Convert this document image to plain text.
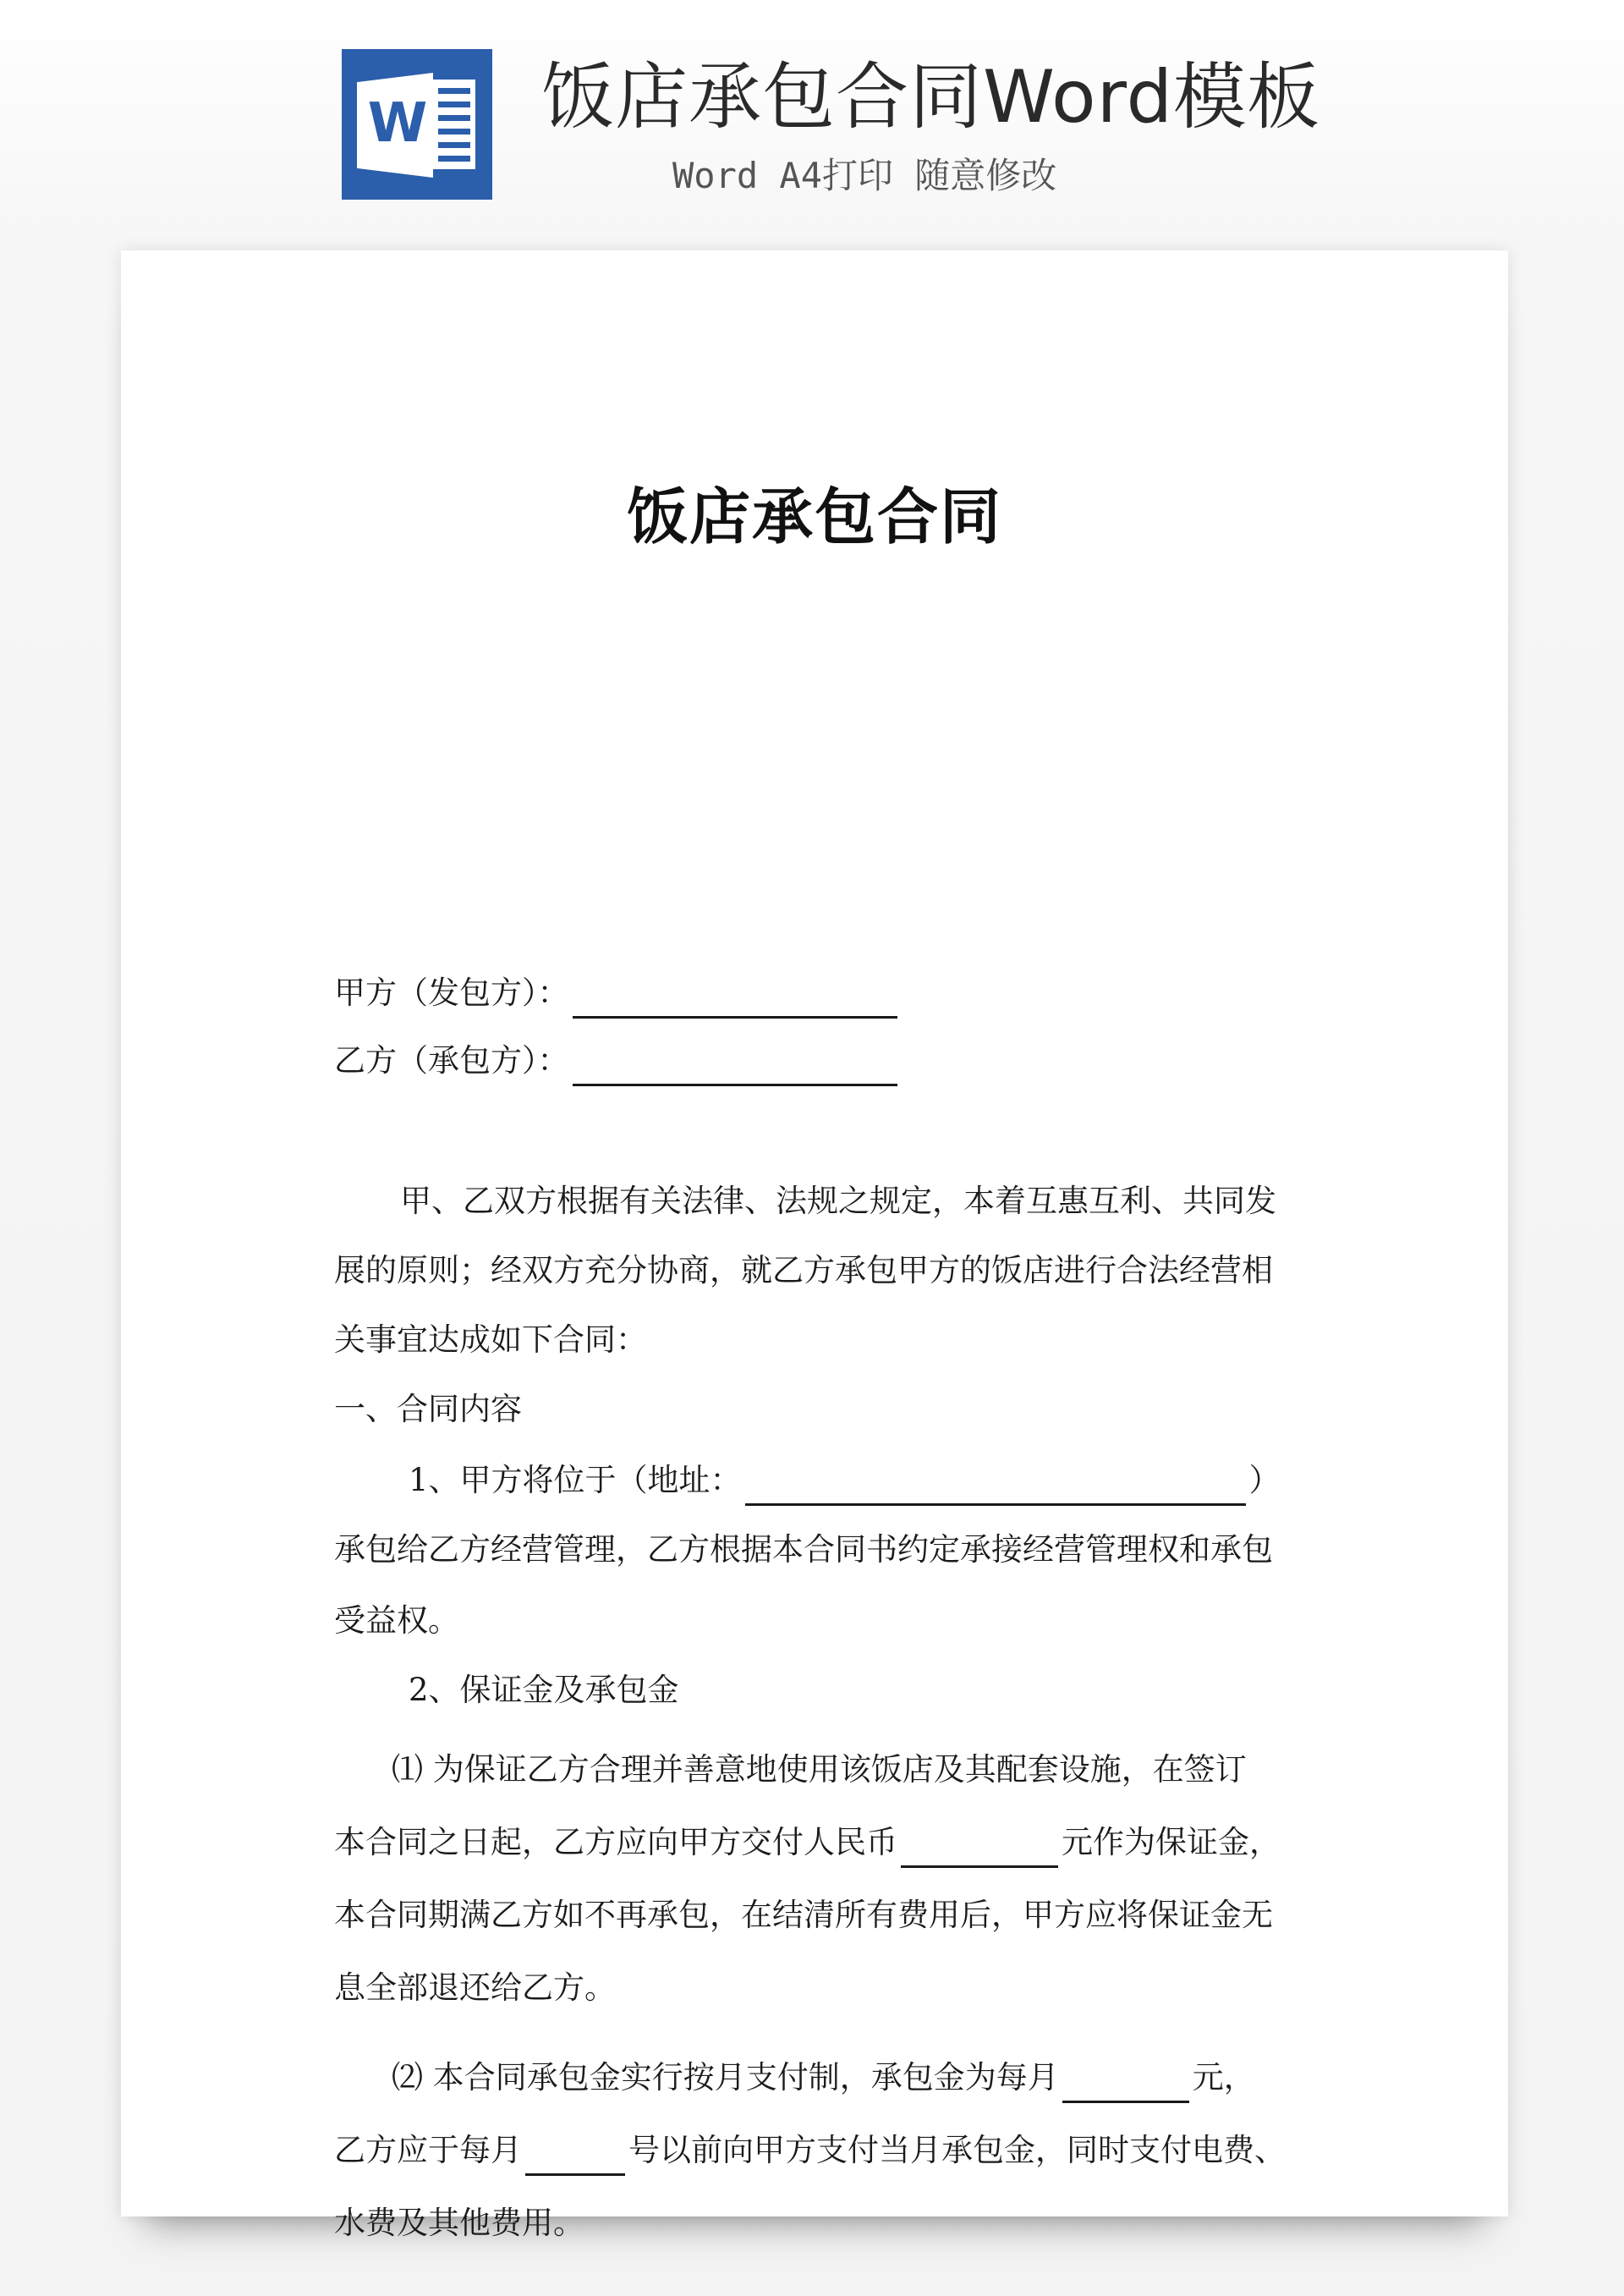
W 饭店承包合同Word模板
Word A4打印 随意修改
饭店承包合同
甲方（发包方）：
乙方（承包方）：
甲、乙双方根据有关法律、法规之规定，本着互惠互利、共同发
展的原则；经双方充分协商，就乙方承包甲方的饭店进行合法经营相
关事宜达成如下合同：
一、合同内容
1、甲方将位于（地址：	）
承包给乙方经营管理，乙方根据本合同书约定承接经营管理权和承包
受益权。
2、保证金及承包金
⑴ 为保证乙方合理并善意地使用该饭店及其配套设施，在签订
本合同之日起，乙方应向甲方交付人民币	元作为保证金，
本合同期满乙方如不再承包，在结清所有费用后，甲方应将保证金无
息全部退还给乙方。
⑵ 本合同承包金实行按月支付制，承包金为每月	元，
乙方应于每月	号以前向甲方支付当月承包金，同时支付电费、
水费及其他费用。
